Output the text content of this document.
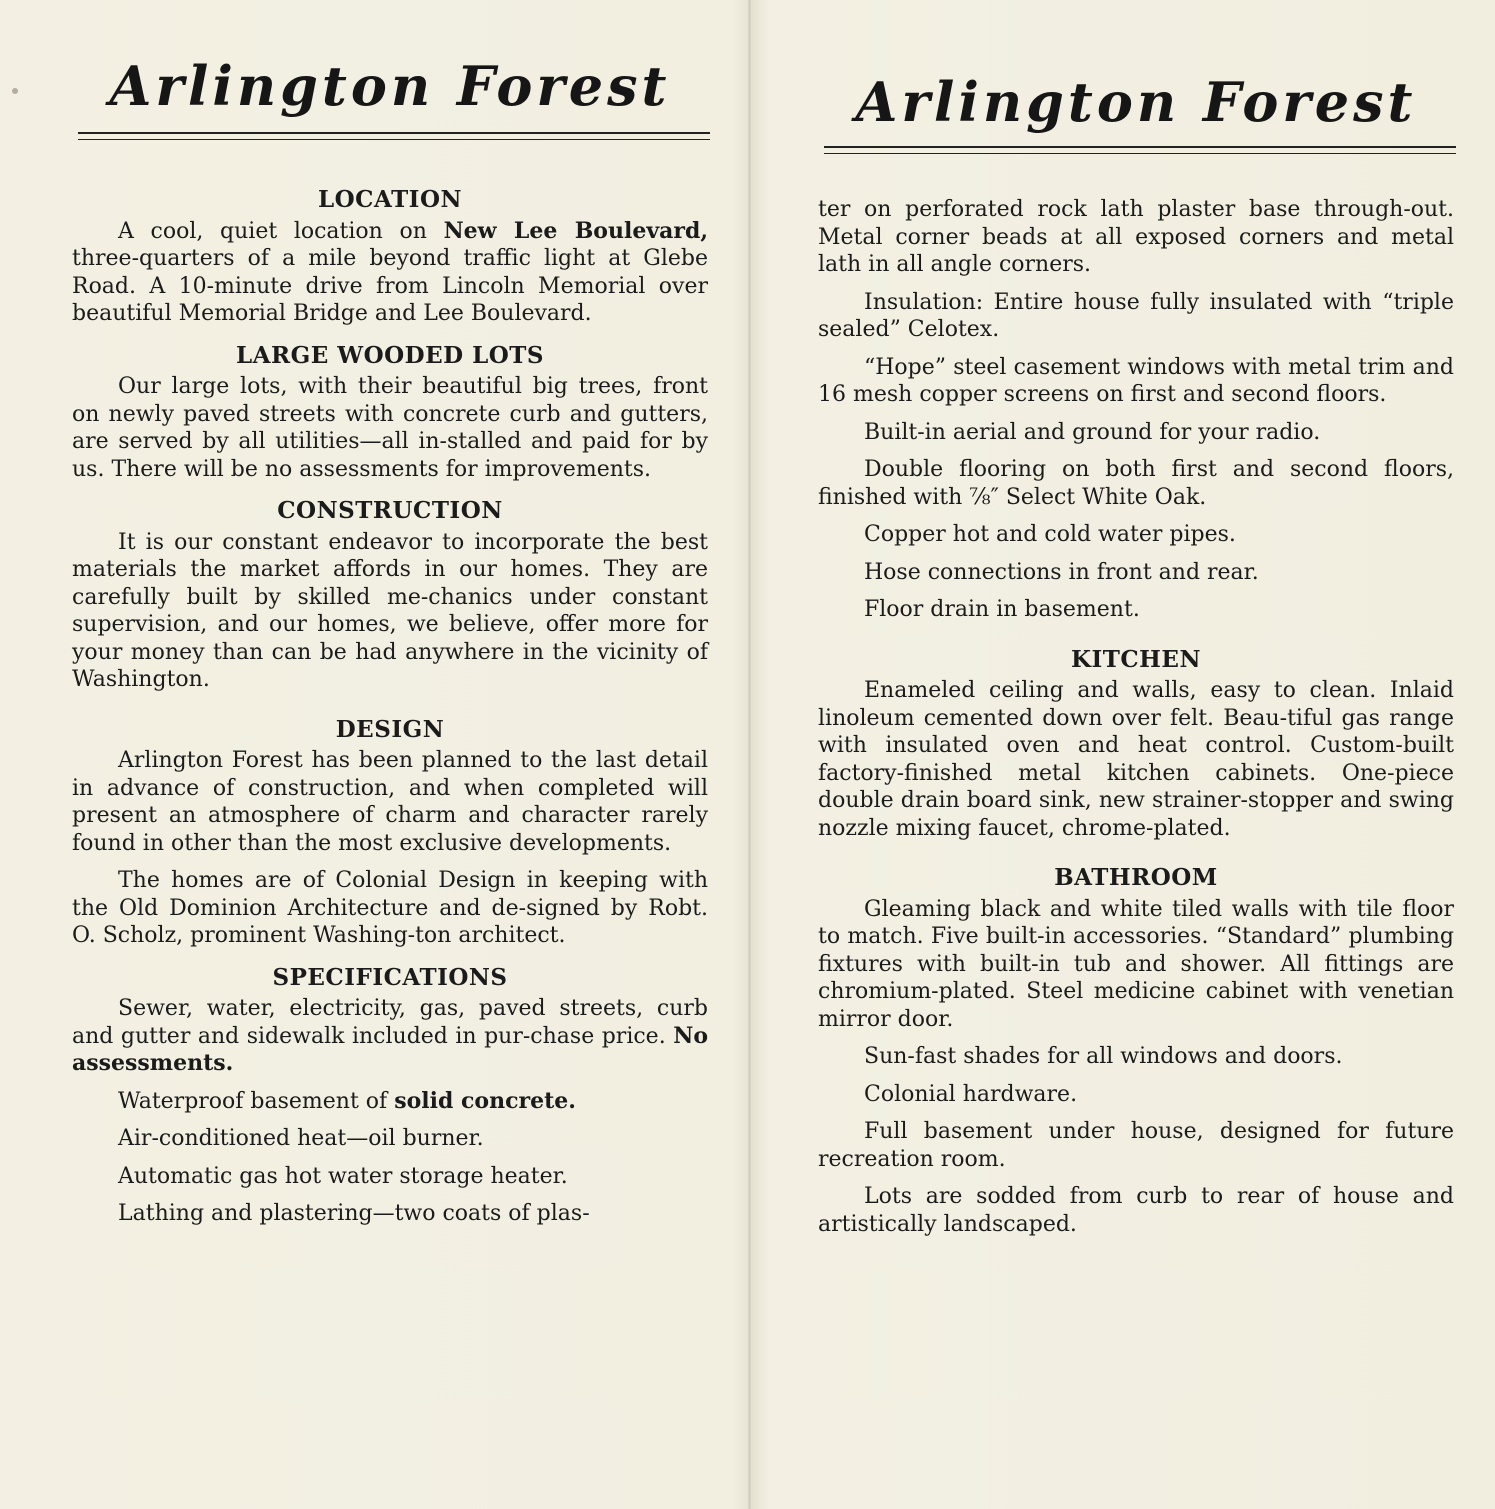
Arlington Forest
LOCATION

A cool, quiet location on New Lee Boulevard, three-quarters of a mile beyond traffic light at Glebe Road. A 10-minute drive from Lincoln Memorial over beautiful Memorial Bridge and Lee Boulevard.

LARGE WOODED LOTS

Our large lots, with their beautiful big trees, front on newly paved streets with concrete curb and gutters, are served by all utilities—all in-stalled and paid for by us. There will be no assessments for improvements.

CONSTRUCTION

It is our constant endeavor to incorporate the best materials the market affords in our homes. They are carefully built by skilled me-chanics under constant supervision, and our homes, we believe, offer more for your money than can be had anywhere in the vicinity of Washington.

DESIGN

Arlington Forest has been planned to the last detail in advance of construction, and when completed will present an atmosphere of charm and character rarely found in other than the most exclusive developments.

The homes are of Colonial Design in keeping with the Old Dominion Architecture and de-signed by Robt. O. Scholz, prominent Washing-ton architect.

SPECIFICATIONS

Sewer, water, electricity, gas, paved streets, curb and gutter and sidewalk included in pur-chase price. No assessments.

Waterproof basement of solid concrete.

Air-conditioned heat—oil burner.

Automatic gas hot water storage heater.

Lathing and plastering—two coats of plas-

Arlington Forest

ter on perforated rock lath plaster base through-out. Metal corner beads at all exposed corners and metal lath in all angle corners.

Insulation: Entire house fully insulated with “triple sealed” Celotex.

“Hope” steel casement windows with metal trim and 16 mesh copper screens on first and second floors.

Built-in aerial and ground for your radio.

Double flooring on both first and second floors, finished with ⅞″ Select White Oak.

Copper hot and cold water pipes.

Hose connections in front and rear.

Floor drain in basement.

KITCHEN

Enameled ceiling and walls, easy to clean. Inlaid linoleum cemented down over felt. Beau-tiful gas range with insulated oven and heat control. Custom-built factory-finished metal kitchen cabinets. One-piece double drain board sink, new strainer-stopper and swing nozzle mixing faucet, chrome-plated.

BATHROOM

Gleaming black and white tiled walls with tile floor to match. Five built-in accessories. “Standard” plumbing fixtures with built-in tub and shower. All fittings are chromium-plated. Steel medicine cabinet with venetian mirror door.

Sun-fast shades for all windows and doors.

Colonial hardware.

Full basement under house, designed for future recreation room.

Lots are sodded from curb to rear of house and artistically landscaped.
